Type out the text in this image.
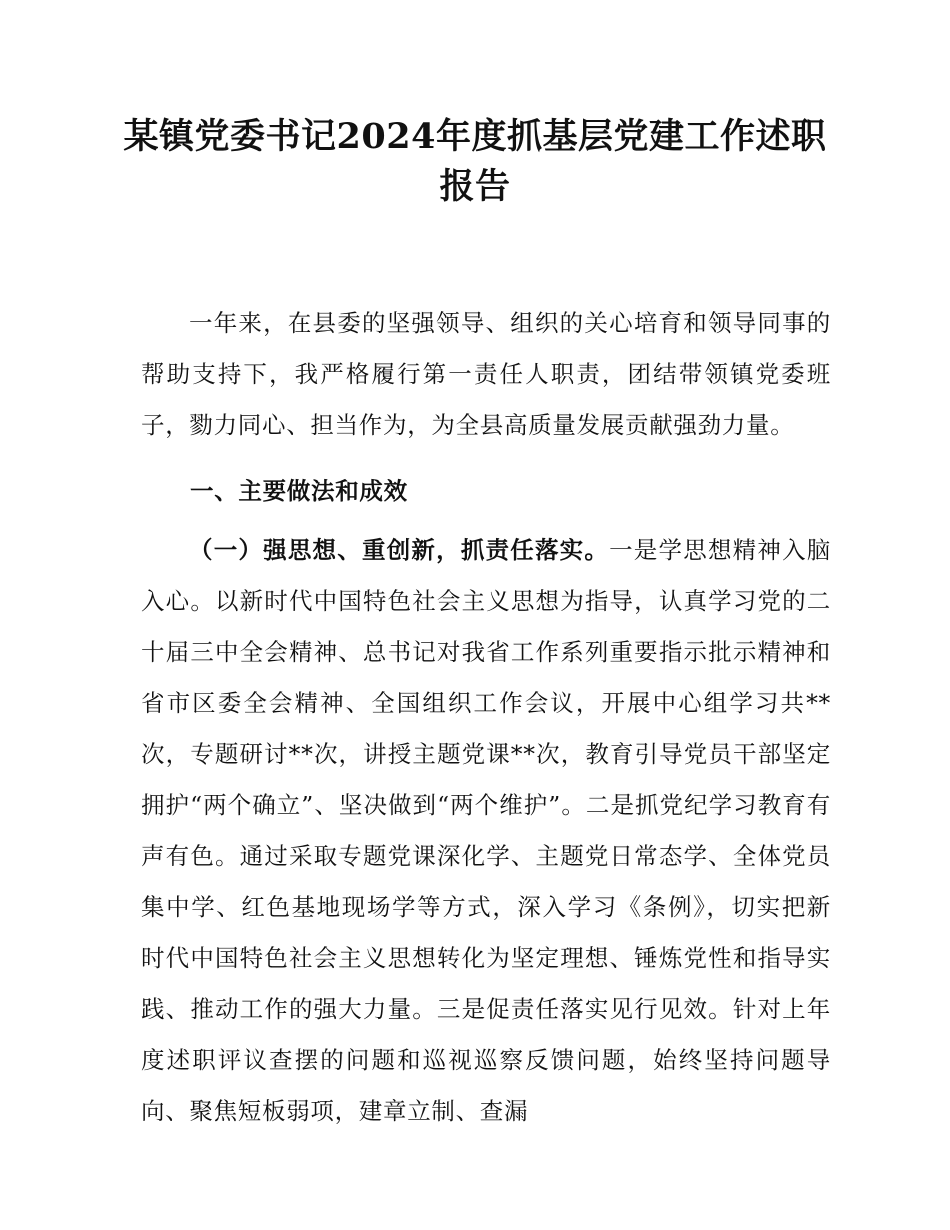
某镇党委书记2024年度抓基层党建工作述职
报告
一年来，在县委的坚强领导、组织的关心培育和领导同事的帮助支持下，我严格履行第一责任人职责，团结带领镇党委班子，勠力同心、担当作为，为全县高质量发展贡献强劲力量。
一、主要做法和成效
（一）强思想、重创新，抓责任落实。一是学思想精神入脑入心。以新时代中国特色社会主义思想为指导，认真学习党的二十届三中全会精神、总书记对我省工作系列重要指示批示精神和省市区委全会精神、全国组织工作会议，开展中心组学习共**次，专题研讨**次，讲授主题党课**次，教育引导党员干部坚定拥护“两个确立”、坚决做到“两个维护”。二是抓党纪学习教育有声有色。通过采取专题党课深化学、主题党日常态学、全体党员集中学、红色基地现场学等方式，深入学习《条例》，切实把新时代中国特色社会主义思想转化为坚定理想、锤炼党性和指导实践、推动工作的强大力量。三是促责任落实见行见效。针对上年度述职评议查摆的问题和巡视巡察反馈问题，始终坚持问题导向、聚焦短板弱项，建章立制、查漏
